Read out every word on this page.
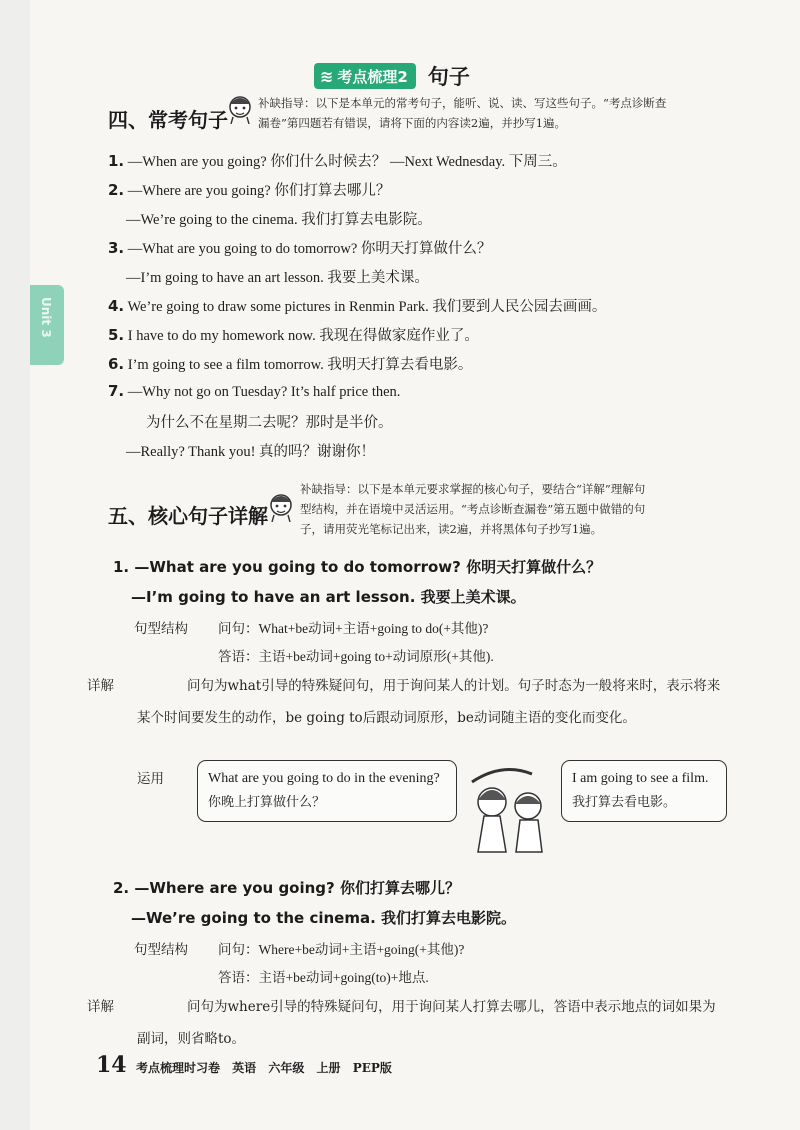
Unit 3
≋ 考点梳理2 句子
四、常考句子
补缺指导：以下是本单元的常考句子，能听、说、读、写这些句子。“考点诊断查
漏卷”第四题若有错误，请将下面的内容读2遍，并抄写1遍。
1. —When are you going? 你们什么时候去？ —Next Wednesday. 下周三。
2. —Where are you going? 你们打算去哪儿？
—We’re going to the cinema. 我们打算去电影院。
3. —What are you going to do tomorrow? 你明天打算做什么？
—I’m going to have an art lesson. 我要上美术课。
4. We’re going to draw some pictures in Renmin Park. 我们要到人民公园去画画。
5. I have to do my homework now. 我现在得做家庭作业了。
6. I’m going to see a film tomorrow. 我明天打算去看电影。
7. —Why not go on Tuesday? It’s half price then.
为什么不在星期二去呢？那时是半价。
—Really? Thank you! 真的吗？谢谢你！
五、核心句子详解
补缺指导：以下是本单元要求掌握的核心句子，要结合“详解”理解句
型结构，并在语境中灵活运用。“考点诊断查漏卷”第五题中做错的句
子，请用荧光笔标记出来，读2遍，并将黑体句子抄写1遍。
1. —What are you going to do tomorrow? 你明天打算做什么？
—I’m going to have an art lesson. 我要上美术课。
句型结构 问句：What+be动词+主语+going to do(+其他)?
答语：主语+be动词+going to+动词原形(+其他).
详解	问句为what引导的特殊疑问句，用于询问某人的计划。句子时态为一般将来时，表示将来某个时间要发生的动作，be going to后跟动词原形，be动词随主语的变化而变化。
运用	What are you going to do in the evening?
你晚上打算做什么？
I am going to see a film.
我打算去看电影。
2. —Where are you going? 你们打算去哪儿？
—We’re going to the cinema. 我们打算去电影院。
句型结构 问句：Where+be动词+主语+going(+其他)?
答语：主语+be动词+going(to)+地点.
详解	问句为where引导的特殊疑问句，用于询问某人打算去哪儿，答语中表示地点的词如果为副词，则省略to。
14 考点梳理时习卷 英语 六年级 上册 PEP版
